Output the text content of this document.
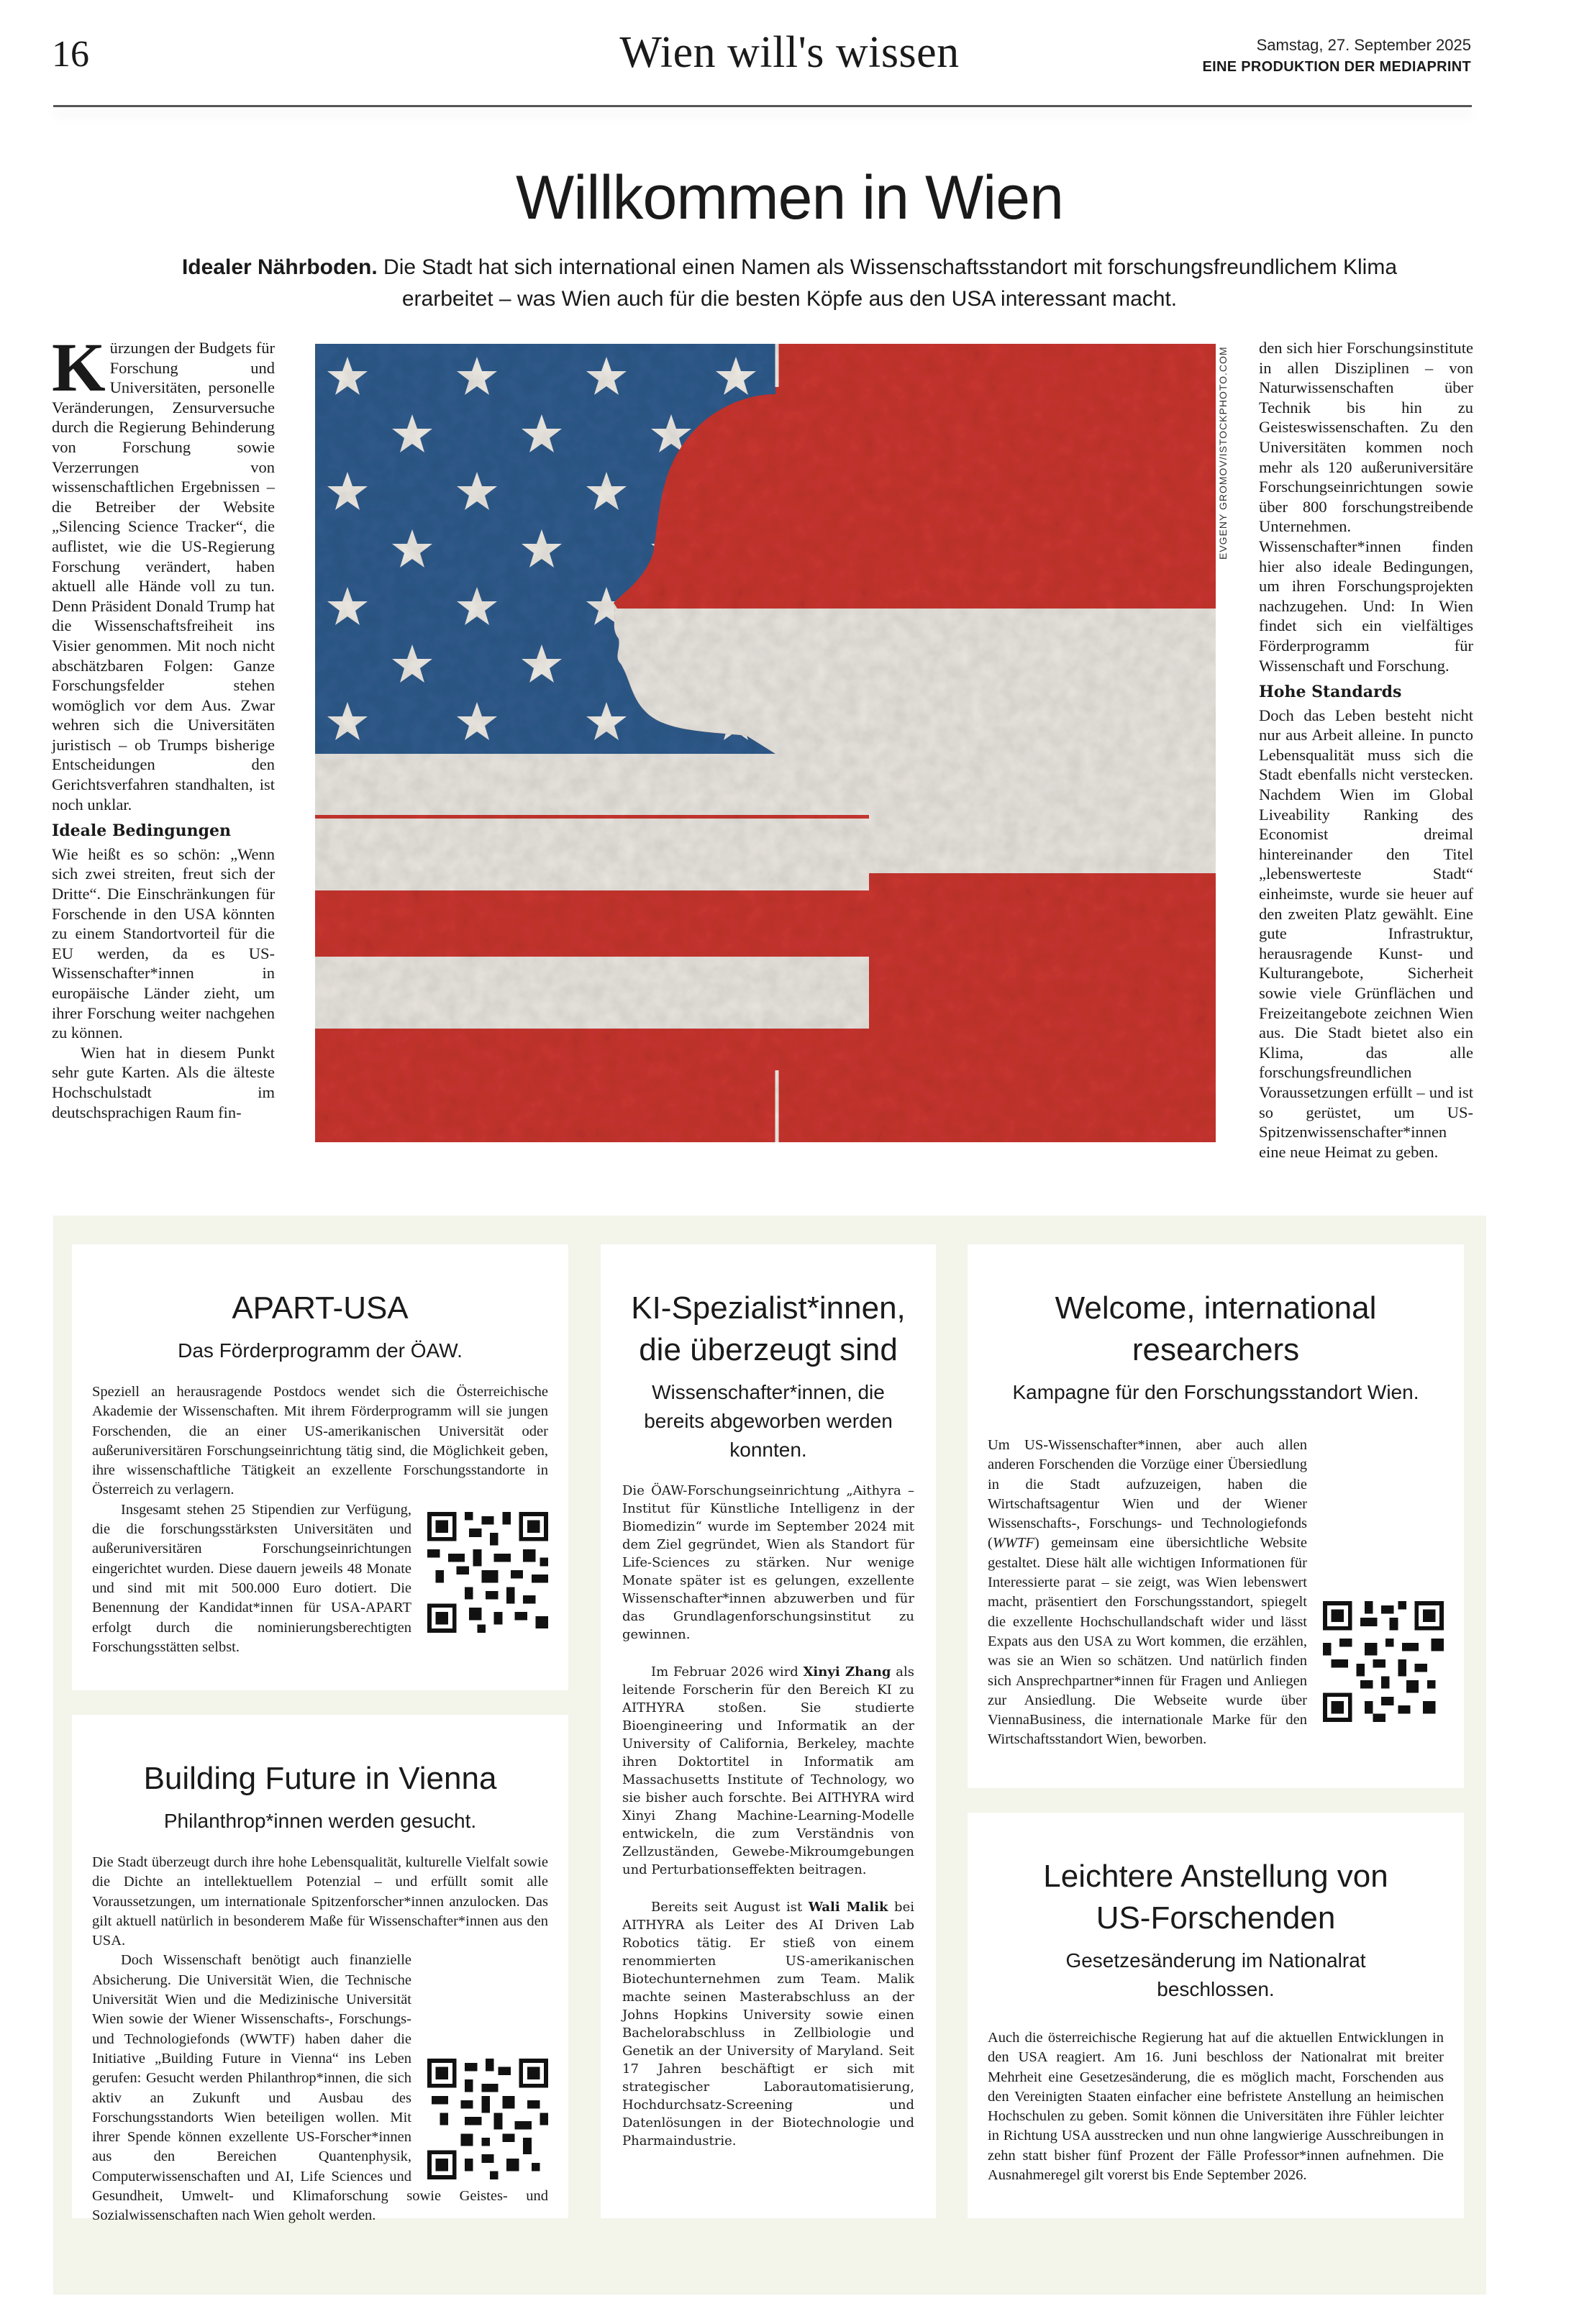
16	Wien will's wissen	Samstag, 27. September 2025
EINE PRODUKTION DER MEDIAPRINT
Willkommen in Wien
Idealer Nährboden. Die Stadt hat sich international einen Namen als Wissenschaftsstandort mit forschungsfreundlichem Klima erarbeitet – was Wien auch für die besten Köpfe aus den USA interessant macht.

Kürzungen der Budgets für Forschung und Universitäten, personelle Veränderungen, Zensurversuche durch die Regierung Behinderung von Forschung sowie Verzerrungen von wissenschaftlichen Ergebnissen – die Betreiber der Website „Silencing Science Tracker“, die auflistet, wie die US-Regierung Forschung verändert, haben aktuell alle Hände voll zu tun. Denn Präsident Donald Trump hat die Wissenschaftsfreiheit ins Visier genommen. Mit noch nicht abschätzbaren Folgen: Ganze Forschungsfelder stehen womöglich vor dem Aus. Zwar wehren sich die Universitäten juristisch – ob Trumps bisherige Entscheidungen den Gerichtsverfahren standhalten, ist noch unklar.

Ideale Bedingungen

Wie heißt es so schön: „Wenn sich zwei streiten, freut sich der Dritte“. Die Einschränkungen für Forschende in den USA könnten zu einem Standortvorteil für die EU werden, da es US-Wissenschafter*innen in europäische Länder zieht, um ihrer Forschung weiter nachgehen zu können.

Wien hat in diesem Punkt sehr gute Karten. Als die älteste Hochschulstadt im deutschsprachigen Raum fin-

EVGENY GROMOV/ISTOCKPHOTO.COM den sich hier Forschungsinstitute in allen Disziplinen – von Naturwissenschaften über Technik bis hin zu Geisteswissenschaften. Zu den Universitäten kommen noch mehr als 120 außeruniversitäre Forschungseinrichtungen sowie über 800 forschungstreibende Unternehmen. Wissenschafter*innen finden hier also ideale Bedingungen, um ihren Forschungsprojekten nachzugehen. Und: In Wien findet sich ein vielfältiges Förderprogramm für Wissenschaft und Forschung.

Hohe Standards

Doch das Leben besteht nicht nur aus Arbeit alleine. In puncto Lebensqualität muss sich die Stadt ebenfalls nicht verstecken. Nachdem Wien im Global Liveability Ranking des Economist dreimal hintereinander den Titel „lebenswerteste Stadt“ einheimste, wurde sie heuer auf den zweiten Platz gewählt. Eine gute Infrastruktur, herausragende Kunst- und Kulturangebote, Sicherheit sowie viele Grünflächen und Freizeitangebote zeichnen Wien aus. Die Stadt bietet also ein Klima, das alle forschungsfreundlichen Voraussetzungen erfüllt – und ist so gerüstet, um US-Spitzenwissenschafter*innen eine neue Heimat zu geben.

APART-USA
Das Förderprogramm der ÖAW.

Speziell an herausragende Postdocs wendet sich die Österreichische Akademie der Wissenschaften. Mit ihrem Förderprogramm will sie jungen Forschenden, die an einer US-amerikanischen Universität oder außeruniversitären Forschungseinrichtung tätig sind, die Möglichkeit geben, ihre wissenschaftliche Tätigkeit an exzellente Forschungsstandorte in Österreich zu verlagern.

Insgesamt stehen 25 Stipendien zur Verfügung, die die forschungsstärksten Universitäten und außeruniversitären Forschungseinrichtungen eingerichtet wurden. Diese dauern jeweils 48 Monate und sind mit mit 500.000 Euro dotiert. Die Benennung der Kandidat*innen für USA-APART erfolgt durch die nominierungsberechtigten Forschungsstätten selbst.

Building Future in Vienna
Philanthrop*innen werden gesucht.

Die Stadt überzeugt durch ihre hohe Lebensqualität, kulturelle Vielfalt sowie die Dichte an intellektuellem Potenzial – und erfüllt somit alle Voraussetzungen, um internationale Spitzenforscher*innen anzulocken. Das gilt aktuell natürlich in besonderem Maße für Wissenschafter*innen aus den USA.

Doch Wissenschaft benötigt auch finanzielle Absicherung. Die Universität Wien, die Technische Universität Wien und die Medizinische Universität Wien sowie der Wiener Wissenschafts-, Forschungs- und Technologiefonds (WWTF) haben daher die Initiative „Building Future in Vienna“ ins Leben gerufen: Gesucht werden Philanthrop*innen, die sich aktiv an Zukunft und Ausbau des Forschungsstandorts Wien beteiligen wollen. Mit ihrer Spende können exzellente US-Forscher*innen aus den Bereichen Quantenphysik, Computerwissenschaften und AI, Life Sciences und Gesundheit, Umwelt- und Klimaforschung sowie Geistes- und Sozialwissenschaften nach Wien geholt werden.

KI-Spezialist*innen, die überzeugt sind
Wissenschafter*innen, die bereits abgeworben werden konnten.

Die ÖAW-Forschungseinrichtung „Aithyra – Institut für Künstliche Intelligenz in der Biomedizin“ wurde im September 2024 mit dem Ziel gegründet, Wien als Standort für Life-Sciences zu stärken. Nur wenige Monate später ist es gelungen, exzellente Wissenschafter*innen abzuwerben und für das Grundlagenforschungsinstitut zu gewinnen.

Im Februar 2026 wird Xinyi Zhang als leitende Forscherin für den Bereich KI zu AITHYRA stoßen. Sie studierte Bioengineering und Informatik an der University of California, Berkeley, machte ihren Doktortitel in Informatik am Massachusetts Institute of Technology, wo sie bisher auch forschte. Bei AITHYRA wird Xinyi Zhang Machine-Learning-Modelle entwickeln, die zum Verständnis von Zellzuständen, Gewebe-Mikroumgebungen und Perturbationseffekten beitragen.

Bereits seit August ist Wali Malik bei AITHYRA als Leiter des AI Driven Lab Robotics tätig. Er stieß von einem renommierten US-amerikanischen Biotechunternehmen zum Team. Malik machte seinen Masterabschluss an der Johns Hopkins University sowie einen Bachelorabschluss in Zellbiologie und Genetik an der University of Maryland. Seit 17 Jahren beschäftigt er sich mit strategischer Laborautomatisierung, Hochdurchsatz-Screening und Datenlösungen in der Biotechnologie und Pharmaindustrie.

Welcome, international researchers
Kampagne für den Forschungsstandort Wien.

Um US-Wissenschafter*innen, aber auch allen anderen Forschenden die Vorzüge einer Übersiedlung in die Stadt aufzuzeigen, haben die Wirtschaftsagentur Wien und der Wiener Wissenschafts-, Forschungs- und Technologiefonds (WWTF) gemeinsam eine übersichtliche Website gestaltet. Diese hält alle wichtigen Informationen für Interessierte parat – sie zeigt, was Wien lebenswert macht, präsentiert den Forschungsstandort, spiegelt die exzellente Hochschullandschaft wider und lässt Expats aus den USA zu Wort kommen, die erzählen, was sie an Wien so schätzen. Und natürlich finden sich Ansprechpartner*innen für Fragen und Anliegen zur Ansiedlung. Die Webseite wurde über ViennaBusiness, die internationale Marke für den Wirtschaftsstandort Wien, beworben.

Leichtere Anstellung von US-Forschenden
Gesetzesänderung im Nationalrat beschlossen.

Auch die österreichische Regierung hat auf die aktuellen Entwicklungen in den USA reagiert. Am 16. Juni beschloss der Nationalrat mit breiter Mehrheit eine Gesetzesänderung, die es möglich macht, Forschenden aus den Vereinigten Staaten einfacher eine befristete Anstellung an heimischen Hochschulen zu geben. Somit können die Universitäten ihre Fühler leichter in Richtung USA ausstrecken und nun ohne langwierige Ausschreibungen in zehn statt bisher fünf Prozent der Fälle Professor*innen aufnehmen. Die Ausnahmeregel gilt vorerst bis Ende September 2026.
